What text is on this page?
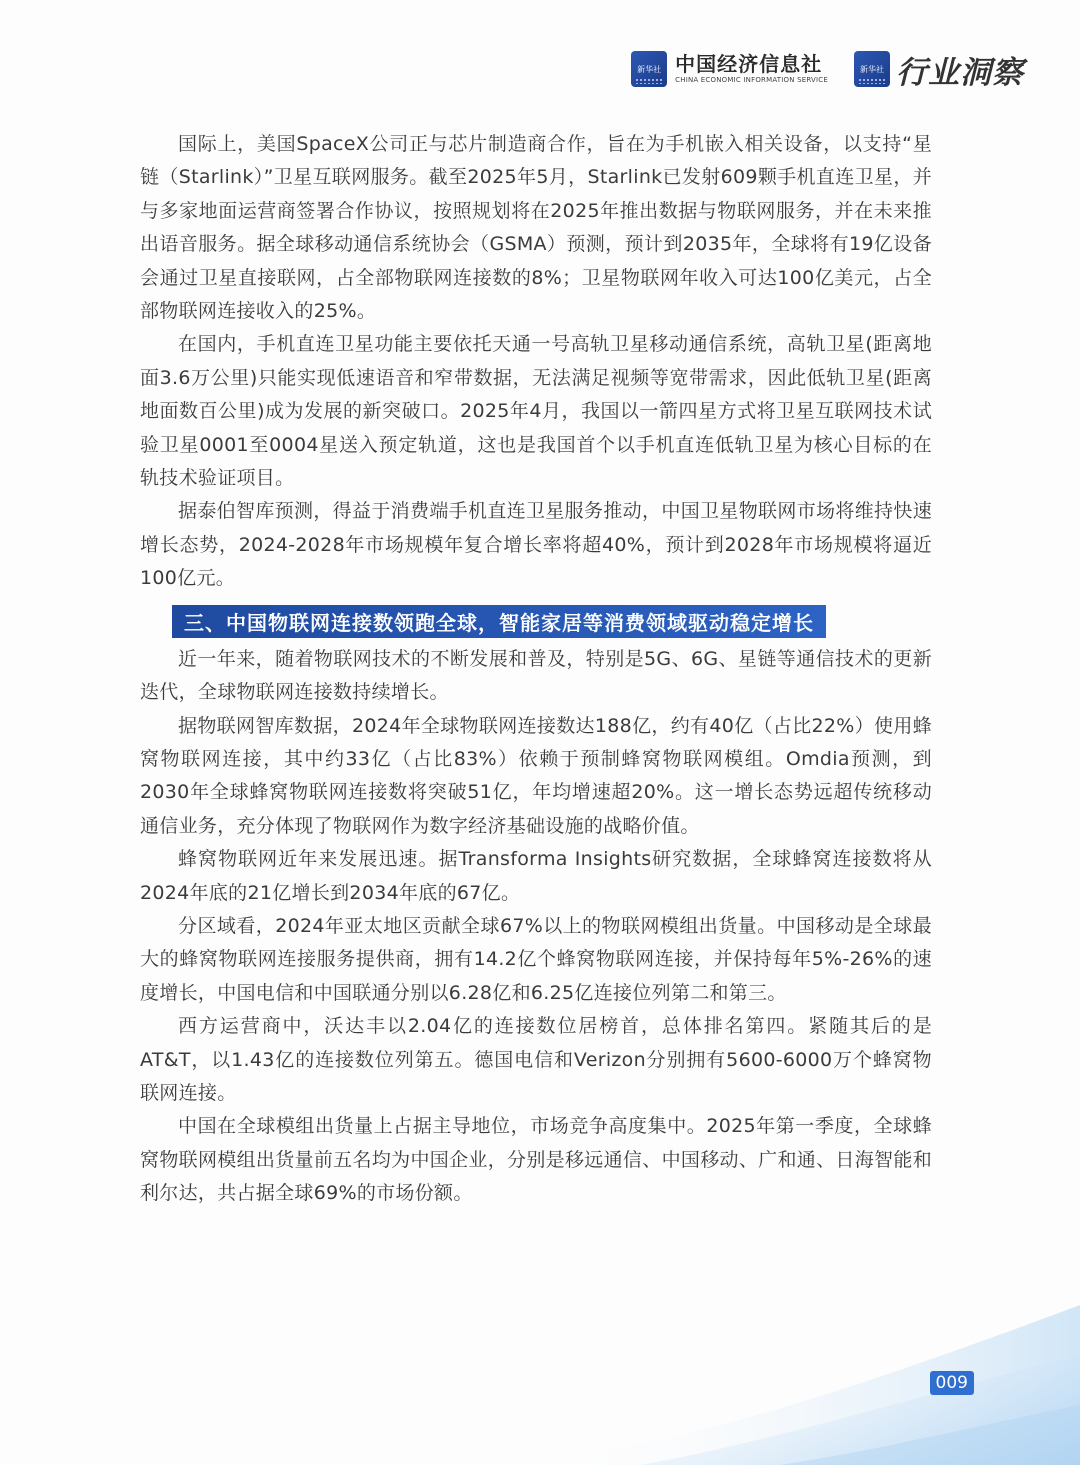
新华社 中国经济信息社
CHINA ECONOMIC INFORMATION SERVICE
新华社 行业洞察

国际上，美国SpaceX公司正与芯片制造商合作，旨在为手机嵌入相关设备，以支持“星链（Starlink）”卫星互联网服务。截至2025年5月，Starlink已发射609颗手机直连卫星，并与多家地面运营商签署合作协议，按照规划将在2025年推出数据与物联网服务，并在未来推出语音服务。据全球移动通信系统协会（GSMA）预测，预计到2035年，全球将有19亿设备会通过卫星直接联网，占全部物联网连接数的8%；卫星物联网年收入可达100亿美元，占全部物联网连接收入的25%。

在国内，手机直连卫星功能主要依托天通一号高轨卫星移动通信系统，高轨卫星(距离地面3.6万公里)只能实现低速语音和窄带数据，无法满足视频等宽带需求，因此低轨卫星(距离地面数百公里)成为发展的新突破口。2025年4月，我国以一箭四星方式将卫星互联网技术试验卫星0001至0004星送入预定轨道，这也是我国首个以手机直连低轨卫星为核心目标的在轨技术验证项目。

据泰伯智库预测，得益于消费端手机直连卫星服务推动，中国卫星物联网市场将维持快速增长态势，2024-2028年市场规模年复合增长率将超40%，预计到2028年市场规模将逼近100亿元。

三、中国物联网连接数领跑全球，智能家居等消费领域驱动稳定增长

近一年来，随着物联网技术的不断发展和普及，特别是5G、6G、星链等通信技术的更新迭代，全球物联网连接数持续增长。

据物联网智库数据，2024年全球物联网连接数达188亿，约有40亿（占比22%）使用蜂窝物联网连接，其中约33亿（占比83%）依赖于预制蜂窝物联网模组。Omdia预测，到2030年全球蜂窝物联网连接数将突破51亿，年均增速超20%。这一增长态势远超传统移动通信业务，充分体现了物联网作为数字经济基础设施的战略价值。

蜂窝物联网近年来发展迅速。据Transforma Insights研究数据，全球蜂窝连接数将从2024年底的21亿增长到2034年底的67亿。

分区域看，2024年亚太地区贡献全球67%以上的物联网模组出货量。中国移动是全球最大的蜂窝物联网连接服务提供商，拥有14.2亿个蜂窝物联网连接，并保持每年5%-26%的速度增长，中国电信和中国联通分别以6.28亿和6.25亿连接位列第二和第三。

西方运营商中，沃达丰以2.04亿的连接数位居榜首，总体排名第四。紧随其后的是AT&T，以1.43亿的连接数位列第五。德国电信和Verizon分别拥有5600-6000万个蜂窝物联网连接。

中国在全球模组出货量上占据主导地位，市场竞争高度集中。2025年第一季度，全球蜂窝物联网模组出货量前五名均为中国企业，分别是移远通信、中国移动、广和通、日海智能和利尔达，共占据全球69%的市场份额。

009
